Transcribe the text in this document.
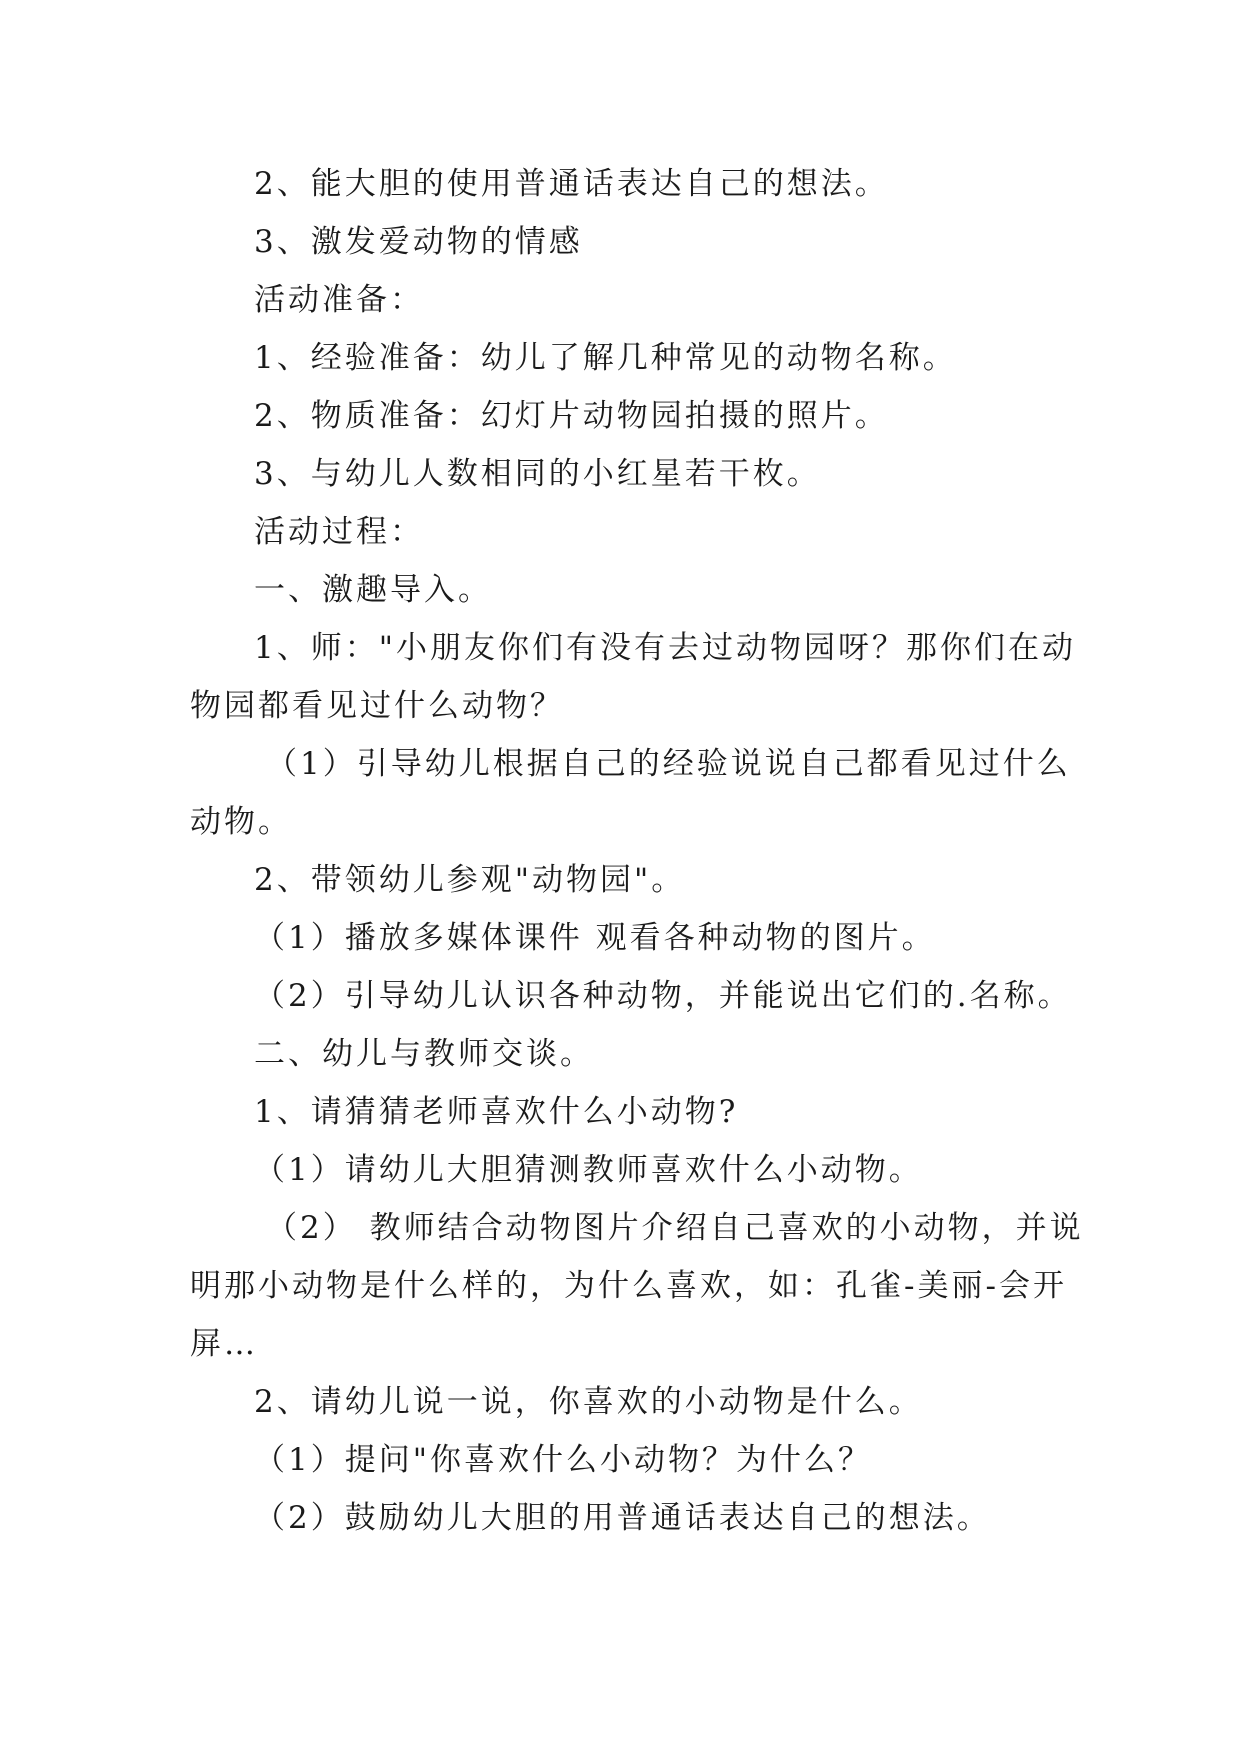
2、能大胆的使用普通话表达自己的想法。
3、激发爱动物的情感
活动准备：
1、经验准备：幼儿了解几种常见的动物名称。
2、物质准备：幻灯片动物园拍摄的照片。
3、与幼儿人数相同的小红星若干枚。
活动过程：
一、激趣导入。
1、师："小朋友你们有没有去过动物园呀？那你们在动
物园都看见过什么动物？
（1）引导幼儿根据自己的经验说说自己都看见过什么
动物。
2、带领幼儿参观"动物园"。
（1）播放多媒体课件 观看各种动物的图片。
（2）引导幼儿认识各种动物，并能说出它们的.名称。
二、幼儿与教师交谈。
1、请猜猜老师喜欢什么小动物?
（1）请幼儿大胆猜测教师喜欢什么小动物。
（2） 教师结合动物图片介绍自己喜欢的小动物，并说
明那小动物是什么样的，为什么喜欢，如：孔雀-美丽-会开
屏…
2、请幼儿说一说，你喜欢的小动物是什么。
（1）提问"你喜欢什么小动物？为什么？
（2）鼓励幼儿大胆的用普通话表达自己的想法。
